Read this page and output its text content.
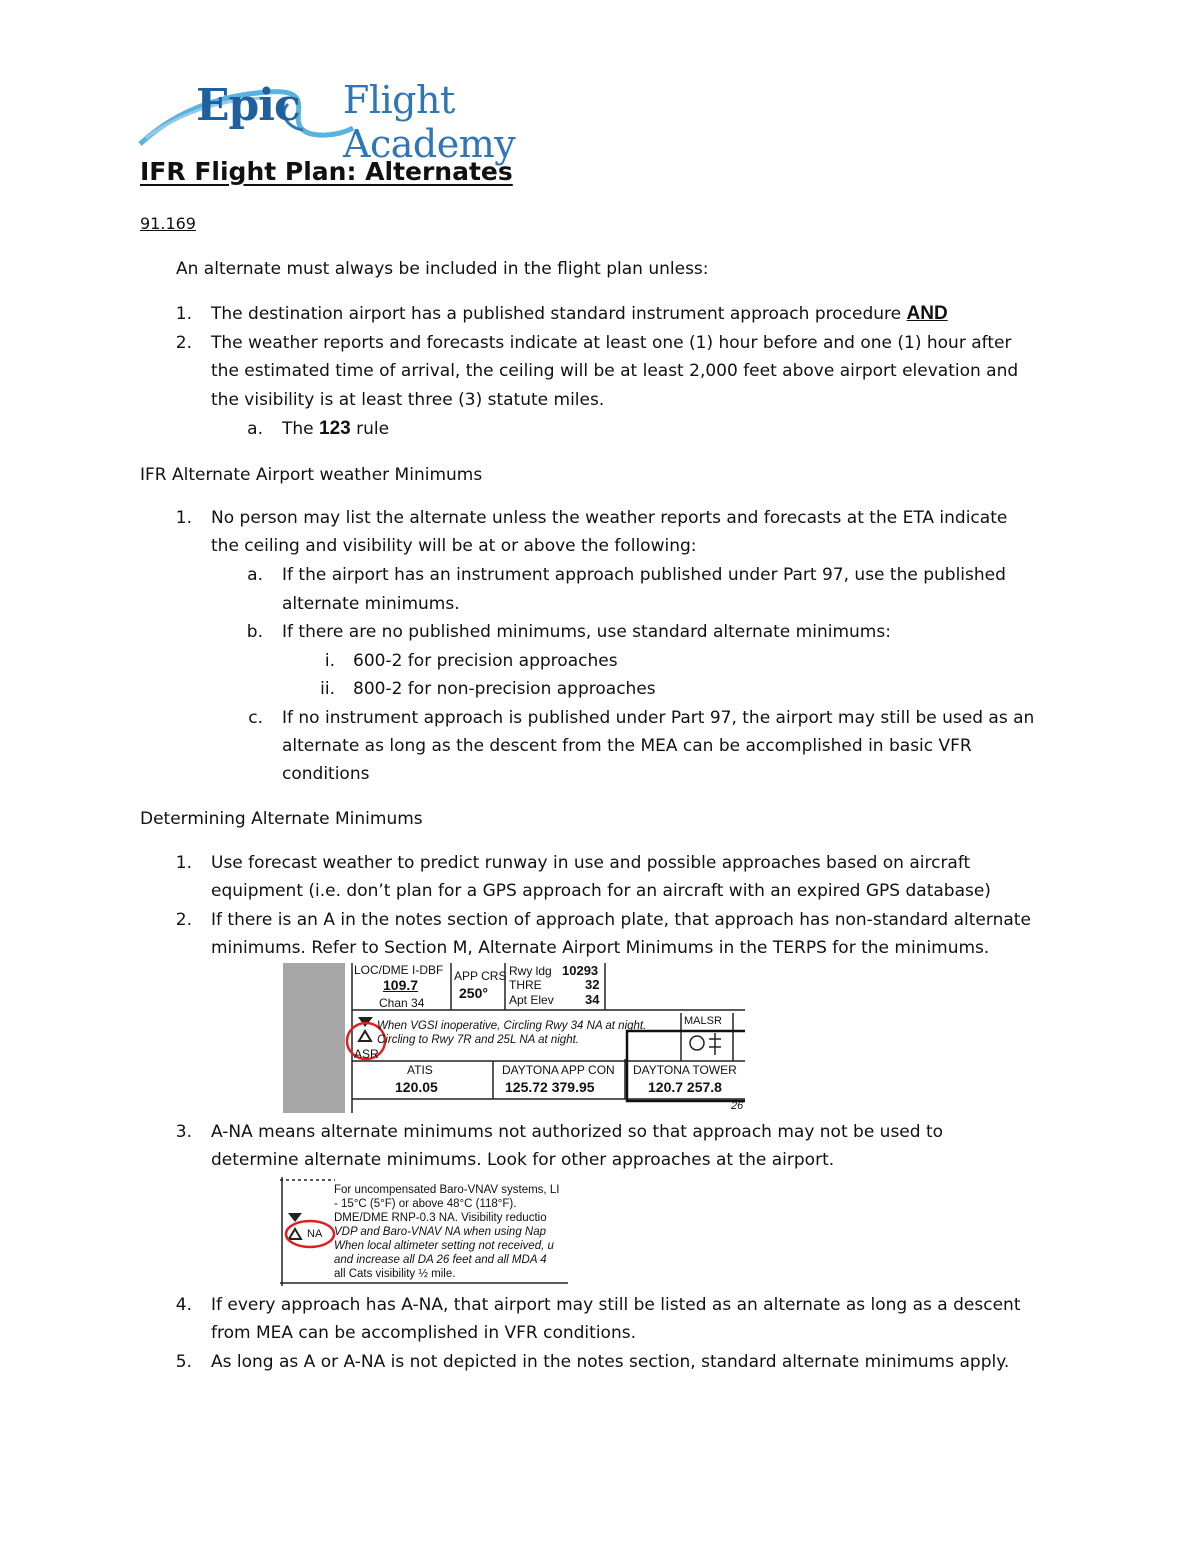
Epic Flight Academy
IFR Flight Plan: Alternates
91.169
An alternate must always be included in the flight plan unless:
1. The destination airport has a published standard instrument approach procedure AND
2. The weather reports and forecasts indicate at least one (1) hour before and one (1) hour after
the estimated time of arrival, the ceiling will be at least 2,000 feet above airport elevation and
the visibility is at least three (3) statute miles.
a. The 123 rule
IFR Alternate Airport weather Minimums
1. No person may list the alternate unless the weather reports and forecasts at the ETA indicate
the ceiling and visibility will be at or above the following:
a. If the airport has an instrument approach published under Part 97, use the published
alternate minimums.
b. If there are no published minimums, use standard alternate minimums:
i. 600-2 for precision approaches
ii. 800-2 for non-precision approaches
c. If no instrument approach is published under Part 97, the airport may still be used as an
alternate as long as the descent from the MEA can be accomplished in basic VFR
conditions
Determining Alternate Minimums
1. Use forecast weather to predict runway in use and possible approaches based on aircraft
equipment (i.e. don’t plan for a GPS approach for an aircraft with an expired GPS database)
2. If there is an A in the notes section of approach plate, that approach has non-standard alternate
minimums. Refer to Section M, Alternate Airport Minimums in the TERPS for the minimums.
LOC/DME I-DBF
109.7
Chan 34
APP CRS
250°
Rwy ldg 10293
THRE	32
Apt Elev 34
When VGSI inoperative, Circling Rwy 34 NA at night.
Circling to Rwy 7R and 25L NA at night.
ASR
MALSR
ATIS
120.05
DAYTONA APP CON
125.72 379.95
DAYTONA TOWER
120.7 257.8
26
3. A-NA means alternate minimums not authorized so that approach may not be used to
determine alternate minimums. Look for other approaches at the airport.
NA
For uncompensated Baro-VNAV systems, LI
- 15°C (5°F) or above 48°C (118°F).
DME/DME RNP-0.3 NA. Visibility reductio
VDP and Baro-VNAV NA when using Nap
When local altimeter setting not received, u
and increase all DA 26 feet and all MDA 4
all Cats visibility ½ mile.
4. If every approach has A-NA, that airport may still be listed as an alternate as long as a descent
from MEA can be accomplished in VFR conditions.
5. As long as A or A-NA is not depicted in the notes section, standard alternate minimums apply.
